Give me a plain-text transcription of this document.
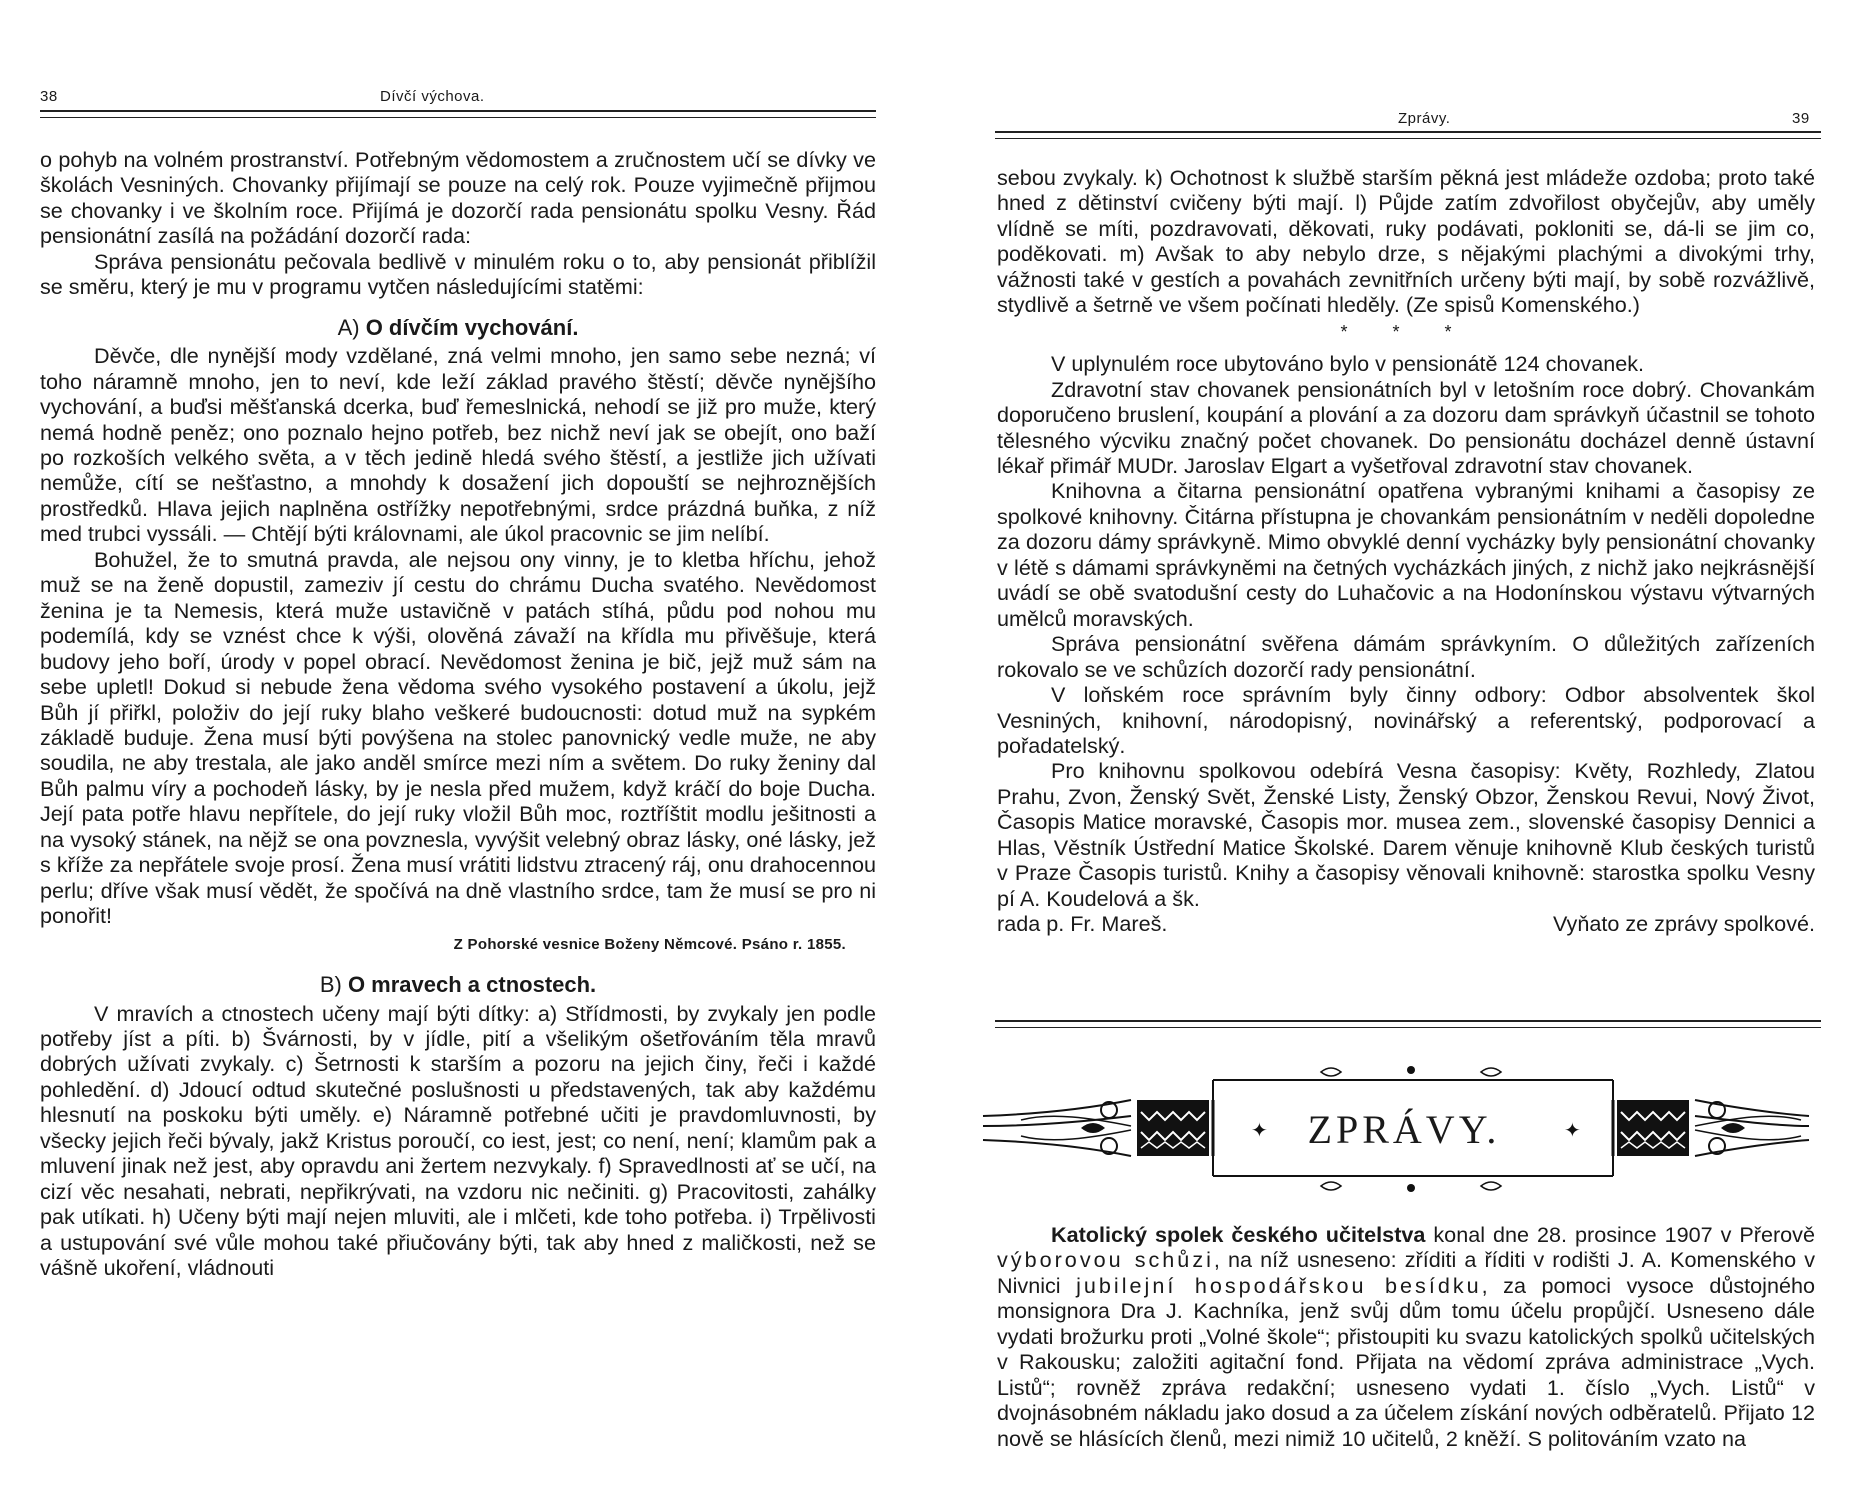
38	Dívčí výchova.

o pohyb na volném prostranství. Potřebným vědomostem a zručnostem učí se dívky ve školách Vesniných. Chovanky přijímají se pouze na celý rok. Pouze vyjimečně přijmou se chovanky i ve školním roce. Přijímá je dozorčí rada pensionátu spolku Vesny. Řád pensionátní zasílá na požádání dozorčí rada:

Správa pensionátu pečovala bedlivě v minulém roku o to, aby pensionát přiblížil se směru, který je mu v programu vytčen následujícími statěmi:

A) O dívčím vychování.

Děvče, dle nynější mody vzdělané, zná velmi mnoho, jen samo sebe nezná; ví toho náramně mnoho, jen to neví, kde leží základ pravého štěstí; děvče nynějšího vychování, a buďsi měšťanská dcerka, buď řemeslnická, nehodí se již pro muže, který nemá hodně peněz; ono poznalo hejno potřeb, bez nichž neví jak se obejít, ono baží po rozkoších velkého světa, a v těch jedině hledá svého štěstí, a jestliže jich užívati nemůže, cítí se nešťastno, a mnohdy k dosažení jich dopouští se nejhroznějších prostředků. Hlava jejich naplněna ostřížky nepotřebnými, srdce prázdná buňka, z níž med trubci vyssáli. — Chtějí býti královnami, ale úkol pracovnic se jim nelíbí.

Bohužel, že to smutná pravda, ale nejsou ony vinny, je to kletba hříchu, jehož muž se na ženě dopustil, zameziv jí cestu do chrámu Ducha svatého. Nevědomost ženina je ta Nemesis, která muže ustavičně v patách stíhá, půdu pod nohou mu podemílá, kdy se vznést chce k výši, olověná závaží na křídla mu přivěšuje, která budovy jeho boří, úrody v popel obrací. Nevědomost ženina je bič, jejž muž sám na sebe upletl! Dokud si nebude žena vědoma svého vysokého postavení a úkolu, jejž Bůh jí přiřkl, položiv do její ruky blaho veškeré budoucnosti: dotud muž na sypkém základě buduje. Žena musí býti povýšena na stolec panovnický vedle muže, ne aby soudila, ne aby trestala, ale jako anděl smírce mezi ním a světem. Do ruky ženiny dal Bůh palmu víry a pochodeň lásky, by je nesla před mužem, když kráčí do boje Ducha. Její pata potře hlavu nepřítele, do její ruky vložil Bůh moc, roztříštit modlu ješitnosti a na vysoký stánek, na nějž se ona povznesla, vyvýšit velebný obraz lásky, oné lásky, jež s kříže za nepřátele svoje prosí. Žena musí vrátiti lidstvu ztracený ráj, onu drahocennou perlu; dříve však musí vědět, že spočívá na dně vlastního srdce, tam že musí se pro ni ponořit!

Z Pohorské vesnice Boženy Němcové. Psáno r. 1855.
B) O mravech a ctnostech.

V mravích a ctnostech učeny mají býti dítky: a) Střídmosti, by zvykaly jen podle potřeby jíst a píti. b) Švárnosti, by v jídle, pití a všelikým ošetřováním těla mravů dobrých užívati zvykaly. c) Šetrnosti k starším a pozoru na jejich činy, řeči i každé pohledění. d) Jdoucí odtud skutečné poslušnosti u představených, tak aby každému hlesnutí na poskoku býti uměly. e) Náramně potřebné učiti je pravdomluvnosti, by všecky jejich řeči bývaly, jakž Kristus poroučí, co iest, jest; co není, není; klamům pak a mluvení jinak než jest, aby opravdu ani žertem nezvykaly. f) Spravedlnosti ať se učí, na cizí věc nesahati, nebrati, nepřikrývati, na vzdoru nic nečiniti. g) Pracovitosti, zahálky pak utíkati. h) Učeny býti mají nejen mluviti, ale i mlčeti, kde toho potřeba. i) Trpělivosti a ustupování své vůle mohou také přiučovány býti, tak aby hned z maličkosti, než se vášně ukoření, vládnouti

Zprávy.	39

sebou zvykaly. k) Ochotnost k službě starším pěkná jest mládeže ozdoba; proto také hned z dětinství cvičeny býti mají. l) Půjde zatím zdvořilost obyčejův, aby uměly vlídně se míti, pozdravovati, děkovati, ruky podávati, pokloniti se, dá-li se jim co, poděkovati. m) Avšak to aby nebylo drze, s nějakými plachými a divokými trhy, vážnosti také v gestích a povahách zevnitřních určeny býti mají, by sobě rozvážlivě, stydlivě a šetrně ve všem počínati hleděly. (Ze spisů Komenského.)

* * *

V uplynulém roce ubytováno bylo v pensionátě 124 chovanek.

Zdravotní stav chovanek pensionátních byl v letošním roce dobrý. Chovankám doporučeno bruslení, koupání a plování a za dozoru dam správkyň účastnil se tohoto tělesného výcviku značný počet chovanek. Do pensionátu docházel denně ústavní lékař přimář MUDr. Jaroslav Elgart a vyšetřoval zdravotní stav chovanek.

Knihovna a čitarna pensionátní opatřena vybranými knihami a časopisy ze spolkové knihovny. Čitárna přístupna je chovankám pensionátním v neděli dopoledne za dozoru dámy správkyně. Mimo obvyklé denní vycházky byly pensionátní chovanky v létě s dámami správkyněmi na četných vycházkách jiných, z nichž jako nejkrásnější uvádí se obě svatodušní cesty do Luhačovic a na Hodonínskou výstavu výtvarných umělců moravských.

Správa pensionátní svěřena dámám správkyním. O důležitých zařízeních rokovalo se ve schůzích dozorčí rady pensionátní.

V loňském roce správním byly činny odbory: Odbor absolventek škol Vesniných, knihovní, národopisný, novinářský a referentský, podporovací a pořadatelský.

Pro knihovnu spolkovou odebírá Vesna časopisy: Květy, Rozhledy, Zlatou Prahu, Zvon, Ženský Svět, Ženské Listy, Ženský Obzor, Ženskou Revui, Nový Život, Časopis Matice moravské, Časopis mor. musea zem., slovenské časopisy Dennici a Hlas, Věstník Ústřední Matice Školské. Darem věnuje knihovně Klub českých turistů v Praze Časopis turistů. Knihy a časopisy věnovali knihovně: starostka spolku Vesny pí A. Koudelová a šk.

rada p. Fr. Mareš.	Vyňato ze zprávy spolkové.
✦	✦
ZPRÁVY.

Katolický spolek českého učitelstva konal dne 28. prosince 1907 v Přerově výborovou schůzi, na níž usneseno: zříditi a říditi v rodišti J. A. Komenského v Nivnici jubilejní hospodářskou besídku, za pomoci vysoce důstojného monsignora Dra J. Kachníka, jenž svůj dům tomu účelu propůjčí. Usneseno dále vydati brožurku proti „Volné škole“; přistoupiti ku svazu katolických spolků učitelských v Rakousku; založiti agitační fond. Přijata na vědomí zpráva administrace „Vych. Listů“; rovněž zpráva redakční; usneseno vydati 1. číslo „Vych. Listů“ v dvojnásobném nákladu jako dosud a za účelem získání nových odběratelů. Přijato 12 nově se hlásících členů, mezi nimiž 10 učitelů, 2 kněží. S politováním vzato na
